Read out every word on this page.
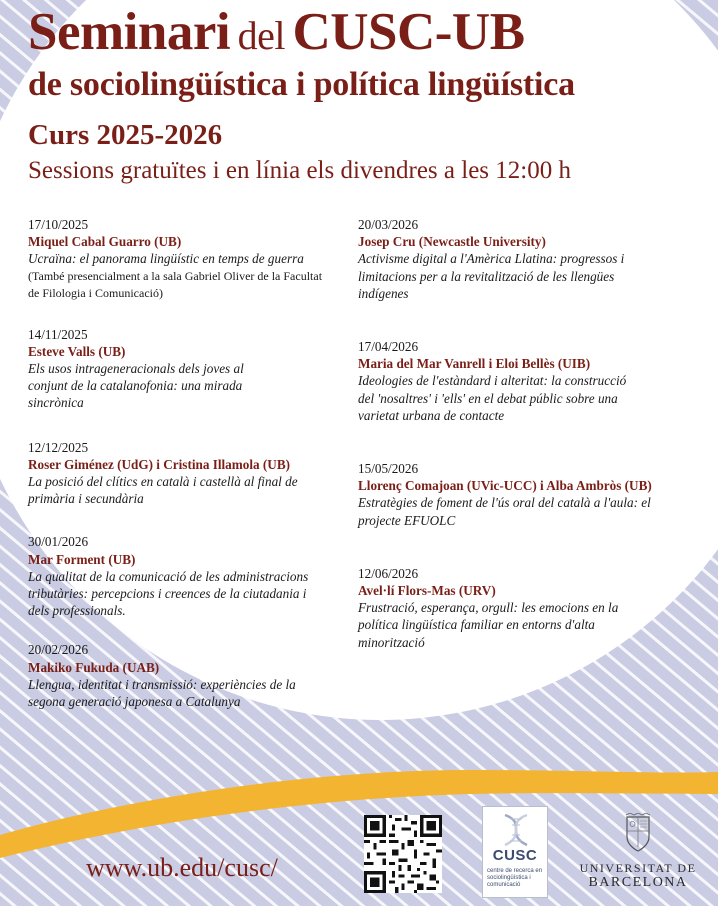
Seminari del CUSC-UB
de sociolingüística i política lingüística
Curs 2025-2026

Sessions gratuïtes i en línia els divendres a les 12:00 h

17/10/2025
Miquel Cabal Guarro (UB)
Ucraïna: el panorama lingüístic en temps de guerra
(També presencialment a la sala Gabriel Oliver de la Facultat de Filologia i Comunicació)

14/11/2025
Esteve Valls (UB)
Els usos intrageneracionals dels joves al conjunt de la catalanofonia: una mirada sincrònica

12/12/2025
Roser Giménez (UdG) i Cristina Illamola (UB)
La posició del clítics en català i castellà al final de primària i secundària

30/01/2026
Mar Forment (UB)
La qualitat de la comunicació de les administracions tributàries: percepcions i creences de la ciutadania i dels professionals.

20/02/2026
Makiko Fukuda (UAB)
Llengua, identitat i transmissió: experiències de la segona generació japonesa a Catalunya

20/03/2026
Josep Cru (Newcastle University)
Activisme digital a l'Amèrica Llatina: progressos i limitacions per a la revitalització de les llengües indígenes

17/04/2026
Maria del Mar Vanrell i Eloi Bellès (UIB)
Ideologies de l'estàndard i alteritat: la construcció del 'nosaltres' i 'ells' en el debat públic sobre una varietat urbana de contacte

15/05/2026
Llorenç Comajoan (UVic-UCC) i Alba Ambròs (UB)
Estratègies de foment de l'ús oral del català a l'aula: el projecte EFUOLC

12/06/2026
Avel·lí Flors-Mas (URV)
Frustració, esperança, orgull: les emocions en la política lingüística familiar en entorns d'alta minorització

www.ub.edu/cusc/	CUSC
centre de recerca en sociolingüística i comunicació
UNIVERSITAT DE
BARCELONA
